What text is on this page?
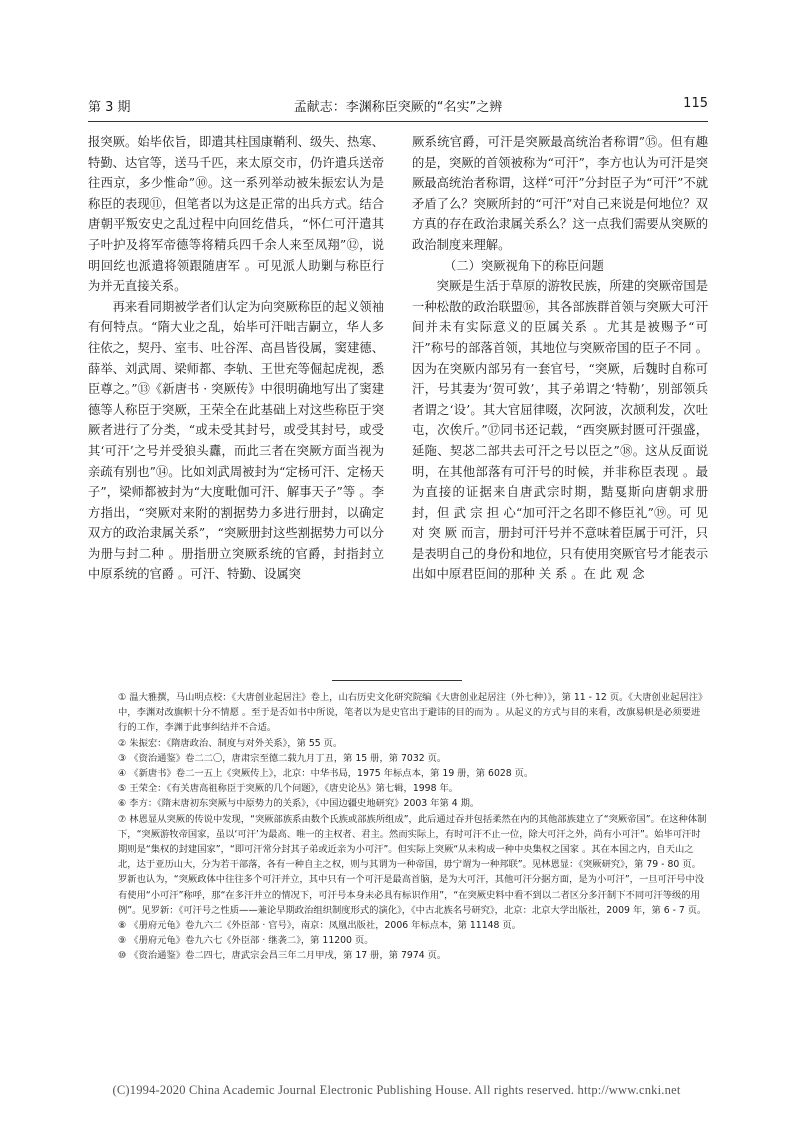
第 3 期	孟献志：李渊称臣突厥的“名实”之辨	115

报突厥。始毕依旨，即遣其柱国康鞘利、级失、热寒、特勤、达官等，送马千匹，来太原交市，仍许遣兵送帝往西京，多少惟命”⑩。这一系列举动被朱振宏认为是称臣的表现⑪，但笔者以为这是正常的出兵方式。结合唐朝平叛安史之乱过程中向回纥借兵，“怀仁可汗遣其子叶护及将军帝德等将精兵四千余人来至凤翔”⑫，说明回纥也派遣将领跟随唐军 。可见派人助剿与称臣行为并无直接关系。

再来看同期被学者们认定为向突厥称臣的起义领袖有何特点。“隋大业之乱，始毕可汗咄吉嗣立，华人多往依之，契丹、室韦、吐谷浑、高昌皆役属，窦建德、薛举、刘武周、梁师都、李轨、王世充等倔起虎视，悉臣尊之。”⑬《新唐书 · 突厥传》中很明确地写出了窦建德等人称臣于突厥，王荣全在此基础上对这些称臣于突厥者进行了分类，“或未受其封号，或受其封号，或受其‘可汗’之号并受狼头纛，而此三者在突厥方面当视为亲疏有别也”⑭。比如刘武周被封为“定杨可汗、定杨天子”，梁师都被封为“大度毗伽可汗、解事天子”等 。李方指出，“突厥对来附的割据势力多进行册封，以确定双方的政治隶属关系”，“突厥册封这些割据势力可以分为册与封二种 。册指册立突厥系统的官爵，封指封立中原系统的官爵 。可汗、特勤、设属突

厥系统官爵，可汗是突厥最高统治者称谓”⑮。但有趣的是，突厥的首领被称为“可汗”，李方也认为可汗是突厥最高统治者称谓，这样“可汗”分封臣子为“可汗”不就矛盾了么？突厥所封的“可汗”对自己来说是何地位？双方真的存在政治隶属关系么？这一点我们需要从突厥的政治制度来理解。

（二）突厥视角下的称臣问题

突厥是生活于草原的游牧民族，所建的突厥帝国是一种松散的政治联盟⑯，其各部族群首领与突厥大可汗间并未有实际意义的臣属关系 。尤其是被赐予“可汗”称号的部落首领，其地位与突厥帝国的臣子不同 。因为在突厥内部另有一套官号，“突厥，后魏时自称可汗，号其妻为‘贺可敦’，其子弟谓之‘特勒’，别部领兵者谓之‘设’。其大官屈律啜，次阿波，次颉利发，次吐屯，次俟斤。”⑰同书还记载，“西突厥封匮可汗强盛，延陁、契苾二部共去可汗之号以臣之”⑱。这从反面说明，在其他部落有可汗号的时候，并非称臣表现 。最为直接的证据来自唐武宗时期，黠戛斯向唐朝求册 封，但 武 宗 担 心“加可汗之名即不修臣礼”⑲。可 见 对 突 厥 而言，册封可汗号并不意味着臣属于可汗，只是表明自己的身份和地位，只有使用突厥官号才能表示出如中原君臣间的那种 关 系 。在 此 观 念

① 温大雅撰，马山明点校：《大唐创业起居注》卷上，山右历史文化研究院编《大唐创业起居注（外七种）》，第 11 - 12 页。《大唐创业起居注》中，李渊对改旗帜十分不情愿 。至于是否如书中所说，笔者以为是史官出于避讳的目的而为 。从起义的方式与目的来看，改旗易帜是必须要进行的工作，李渊于此事纠结并不合适。

② 朱振宏：《隋唐政治、制度与对外关系》，第 55 页。

③ 《资治通鉴》卷二二〇，唐肃宗至德二载九月丁丑，第 15 册，第 7032 页。

④ 《新唐书》卷二一五上《突厥传上》，北京：中华书局，1975 年标点本，第 19 册，第 6028 页。

⑤ 王荣全：《有关唐高祖称臣于突厥的几个问题》，《唐史论丛》第七辑，1998 年。

⑥ 李方：《隋末唐初东突厥与中原势力的关系》，《中国边疆史地研究》2003 年第 4 期。

⑦ 林恩显从突厥的传说中发现，“突厥部族系由数个氏族或部族所组成”，此后通过吞并包括柔然在内的其他部族建立了“突厥帝国”。在这种体制下，“突厥游牧帝国家，虽以‘可汗’为最高、唯一的主权者、君主。然而实际上，有时可汗不止一位，除大可汗之外，尚有小可汗”。始毕可汗时期则是“集权的封建国家”，“即可汗常分封其子弟或近亲为小可汗”。但实际上突厥“从未构成一种中央集权之国家 。其在本国之内，自天山之北，达于亚历山大，分为若干部落，各有一种自主之权，则与其谓为一种帝国，毋宁谓为一种邦联”。见林恩显：《突厥研究》，第 79 - 80 页。罗新也认为，“突厥政体中往往多个可汗并立，其中只有一个可汗是最高首脑，是为大可汗，其他可汗分据方面，是为小可汗”，一旦可汗号中没有使用“小可汗”称呼，那“在多汗并立的情况下，可汗号本身未必具有标识作用”，“在突厥史料中看不到以二者区分多汗制下不同可汗等级的用例”。见罗新：《可汗号之性质——兼论早期政治组织制度形式的演化》，《中古北族名号研究》，北京：北京大学出版社，2009 年，第 6 - 7 页。

⑧ 《册府元龟》卷九六二《外臣部 · 官号》，南京：凤凰出版社，2006 年标点本，第 11148 页。

⑨ 《册府元龟》卷九六七《外臣部 · 继袭二》，第 11200 页。

⑩ 《资治通鉴》卷二四七，唐武宗会昌三年二月甲戌，第 17 册，第 7974 页。

(C)1994-2020 China Academic Journal Electronic Publishing House. All rights reserved. http://www.cnki.net
